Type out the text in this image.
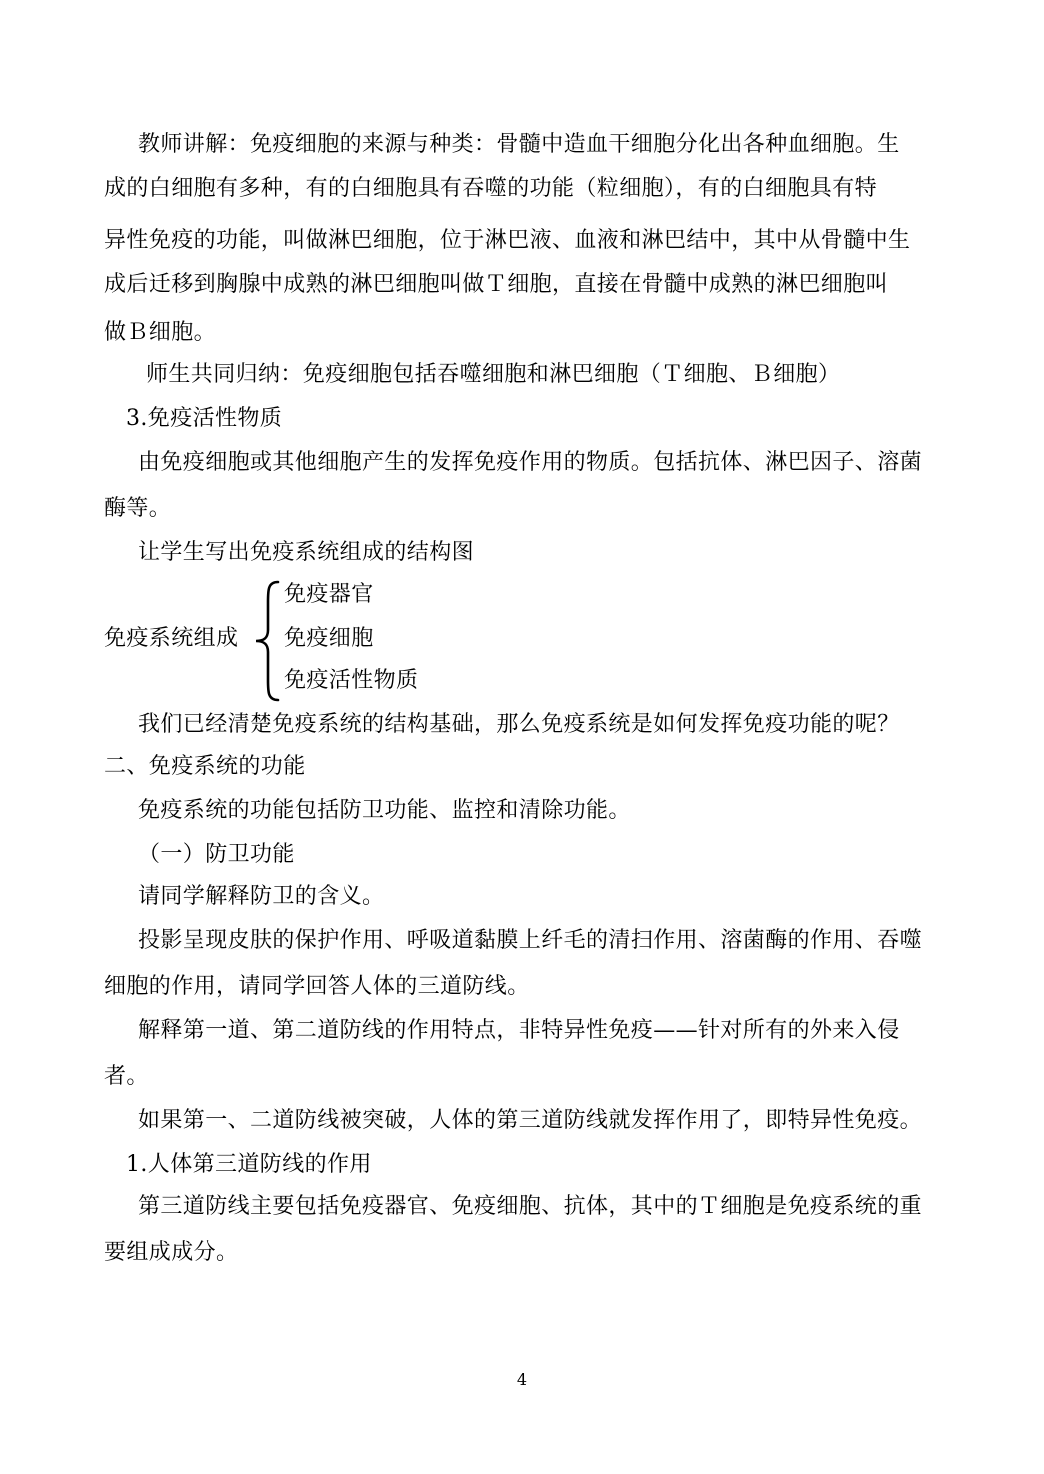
教师讲解：免疫细胞的来源与种类：骨髓中造血干细胞分化出各种血细胞。生
成的白细胞有多种，有的白细胞具有吞噬的功能（粒细胞），有的白细胞具有特
异性免疫的功能，叫做淋巴细胞，位于淋巴液、血液和淋巴结中，其中从骨髓中生
成后迁移到胸腺中成熟的淋巴细胞叫做Ｔ细胞，直接在骨髓中成熟的淋巴细胞叫
做Ｂ细胞。
师生共同归纳：免疫细胞包括吞噬细胞和淋巴细胞（Ｔ细胞、Ｂ细胞）
3.免疫活性物质
由免疫细胞或其他细胞产生的发挥免疫作用的物质。包括抗体、淋巴因子、溶菌
酶等。
让学生写出免疫系统组成的结构图
免疫系统组成
免疫器官
免疫细胞
免疫活性物质
我们已经清楚免疫系统的结构基础，那么免疫系统是如何发挥免疫功能的呢？
二、免疫系统的功能
免疫系统的功能包括防卫功能、监控和清除功能。
（一）防卫功能
请同学解释防卫的含义。
投影呈现皮肤的保护作用、呼吸道黏膜上纤毛的清扫作用、溶菌酶的作用、吞噬
细胞的作用，请同学回答人体的三道防线。
解释第一道、第二道防线的作用特点，非特异性免疫——针对所有的外来入侵
者。
如果第一、二道防线被突破，人体的第三道防线就发挥作用了，即特异性免疫。
1.人体第三道防线的作用
第三道防线主要包括免疫器官、免疫细胞、抗体，其中的Ｔ细胞是免疫系统的重
要组成成分。
4
